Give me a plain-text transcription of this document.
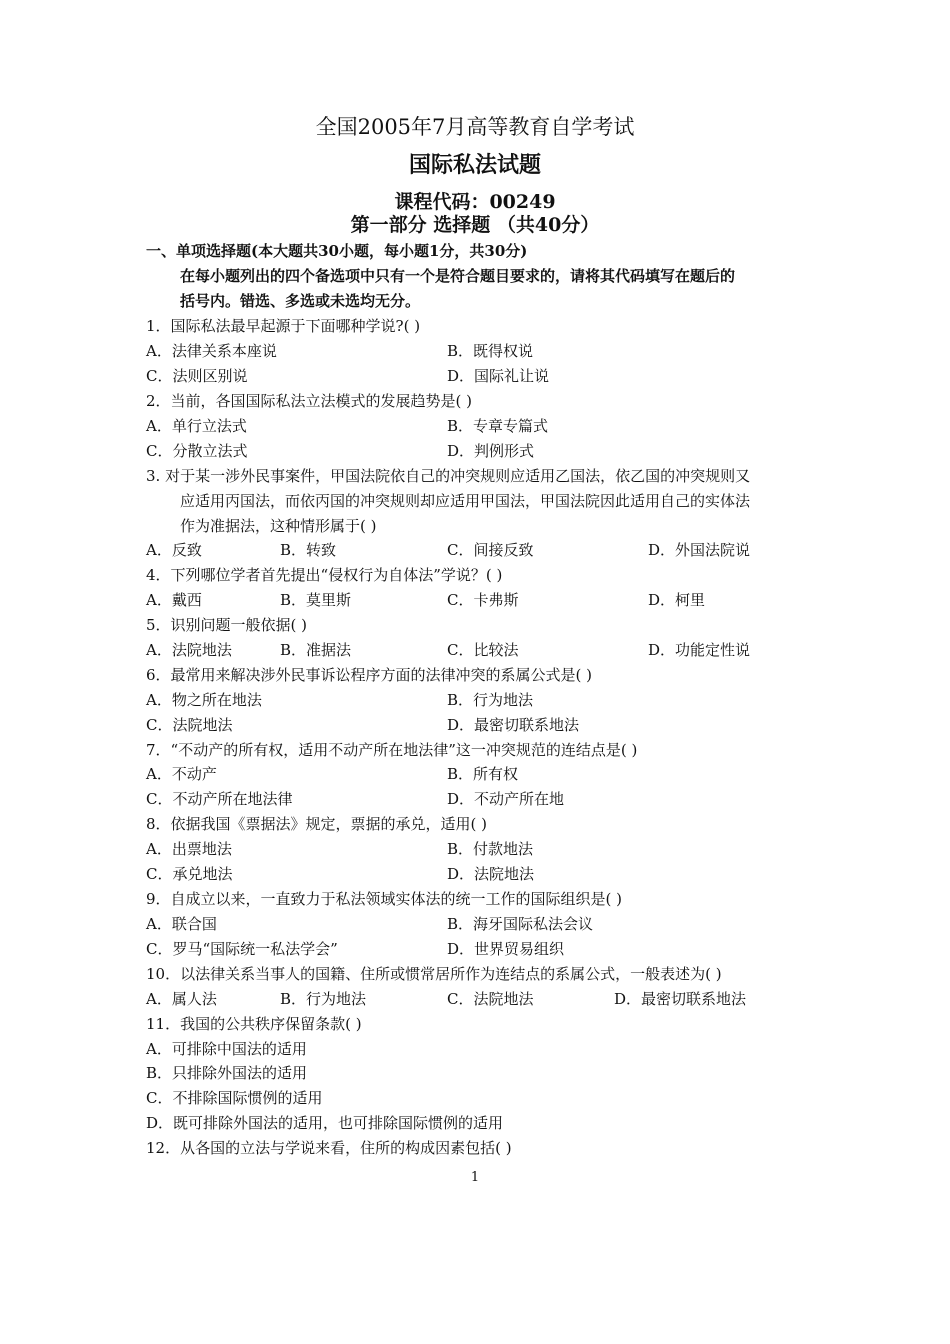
全国2005年7月高等教育自学考试
国际私法试题
课程代码：00249
第一部分 选择题 （共40分）
一、单项选择题(本大题共30小题，每小题1分，共30分)
在每小题列出的四个备选项中只有一个是符合题目要求的，请将其代码填写在题后的
括号内。错选、多选或未选均无分。
1．国际私法最早起源于下面哪种学说?( )
A．法律关系本座说	B．既得权说
C．法则区别说	D．国际礼让说
2．当前，各国国际私法立法模式的发展趋势是( )
A．单行立法式	B．专章专篇式
C．分散立法式	D．判例形式
3. 对于某一涉外民事案件，甲国法院依自己的冲突规则应适用乙国法，依乙国的冲突规则又
应适用丙国法，而依丙国的冲突规则却应适用甲国法，甲国法院因此适用自己的实体法
作为准据法，这种情形属于( )
A．反致	B．转致	C．间接反致	D．外国法院说
4．下列哪位学者首先提出“侵权行为自体法”学说？( )
A．戴西	B．莫里斯	C．卡弗斯	D．柯里
5．识别问题一般依据( )
A．法院地法	B．准据法	C．比较法	D．功能定性说
6．最常用来解决涉外民事诉讼程序方面的法律冲突的系属公式是( )
A．物之所在地法	B．行为地法
C．法院地法	D．最密切联系地法
7．“不动产的所有权，适用不动产所在地法律”这一冲突规范的连结点是( )
A．不动产	B．所有权
C．不动产所在地法律	D．不动产所在地
8．依据我国《票据法》规定，票据的承兑，适用( )
A．出票地法	B．付款地法
C．承兑地法	D．法院地法
9．自成立以来，一直致力于私法领域实体法的统一工作的国际组织是( )
A．联合国	B．海牙国际私法会议
C．罗马“国际统一私法学会”	D．世界贸易组织
10．以法律关系当事人的国籍、住所或惯常居所作为连结点的系属公式，一般表述为( )
A．属人法	B．行为地法	C．法院地法	D．最密切联系地法
11．我国的公共秩序保留条款( )
A．可排除中国法的适用
B．只排除外国法的适用
C．不排除国际惯例的适用
D．既可排除外国法的适用，也可排除国际惯例的适用
12．从各国的立法与学说来看，住所的构成因素包括( )
1
